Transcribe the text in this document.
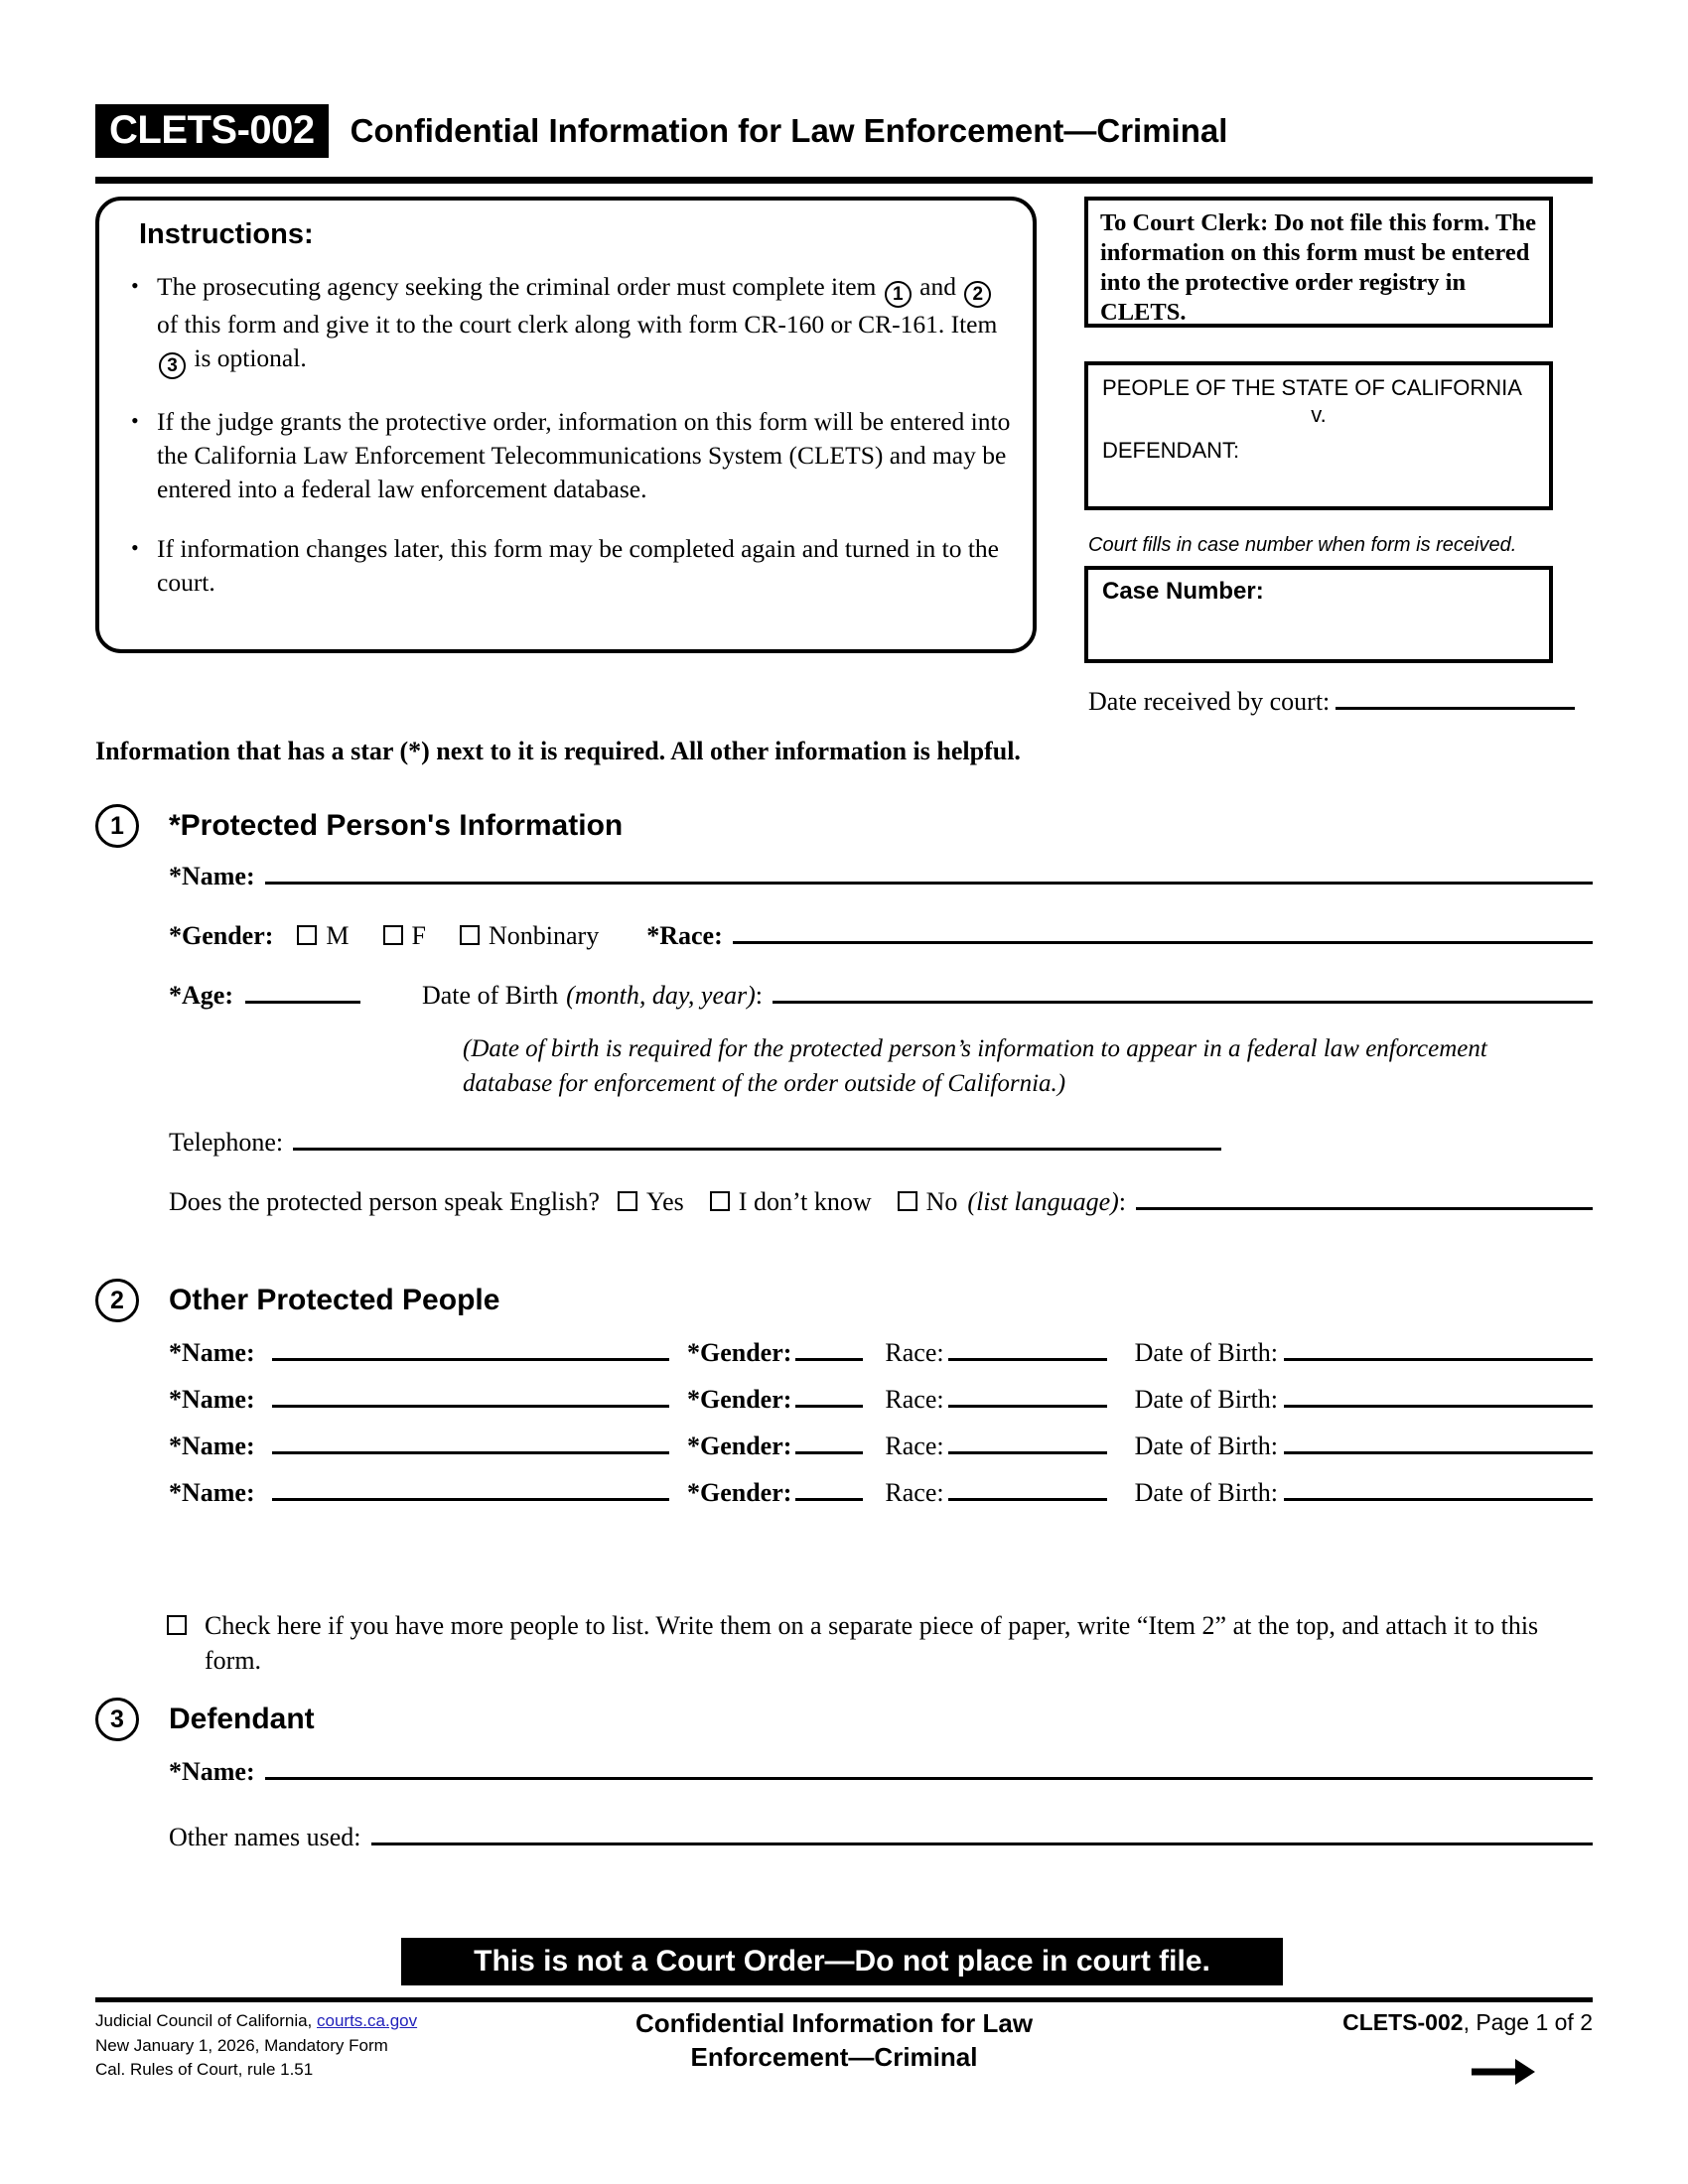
CLETS-002	Confidential Information for Law Enforcement—Criminal
Instructions:
• The prosecuting agency seeking the criminal order must complete item 1 and 2 of this form and give it to the court clerk along with form CR-160 or CR-161. Item 3 is optional.
• If the judge grants the protective order, information on this form will be entered into the California Law Enforcement Telecommunications System (CLETS) and may be entered into a federal law enforcement database.
• If information changes later, this form may be completed again and turned in to the court.
To Court Clerk: Do not file this form. The information on this form must be entered into the protective order registry in CLETS.
PEOPLE OF THE STATE OF CALIFORNIA
v.
DEFENDANT:
Court fills in case number when form is received.
Case Number:
Date received by court:
Information that has a star (*) next to it is required. All other information is helpful.
1	*Protected Person's Information
*Name:
*Gender:	M	F	Nonbinary *Race:
*Age:	Date of Birth (month, day, year) :
(Date of birth is required for the protected person’s information to appear in a federal law enforcement database for enforcement of the order outside of California.)
Telephone:
Does the protected person speak English?	Yes	I don’t know	No (list language) :
2	Other Protected People
*Name:	*Gender:	Race:	Date of Birth:
*Name:	*Gender:	Race:	Date of Birth:
*Name:	*Gender:	Race:	Date of Birth:
*Name:	*Gender:	Race:	Date of Birth:
Check here if you have more people to list. Write them on a separate piece of paper, write “Item 2” at the top, and attach it to this form.
3	Defendant
*Name:
Other names used:
This is not a Court Order—Do not place in court file.
Judicial Council of California, courts.ca.gov
New January 1, 2026, Mandatory Form
Cal. Rules of Court, rule 1.51
Confidential Information for Law
Enforcement—Criminal
CLETS-002, Page 1 of 2
